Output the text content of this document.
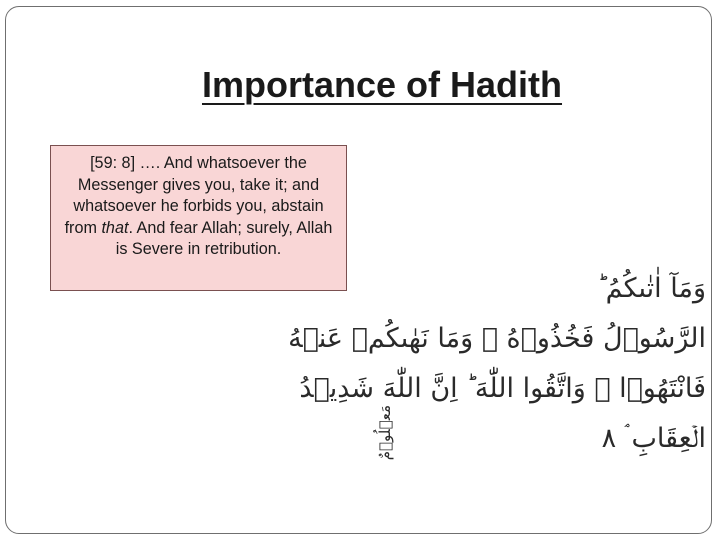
Importance of Hadith
[59: 8] …. And whatsoever the Messenger gives you, take it; and whatsoever he forbids you, abstain from that. And fear Allah; surely, Allah is Severe in retribution.
وَمَآ اٰتٰىكُمُ ؕ
الرَّسُوۡلُ فَخُذُوۡهُ ۚ وَمَا نَهٰٮكُمۡ عَنۡهُ
فَانْتَهُوۡا ۚ وَاتَّقُوا اللّٰهَ ؕ اِنَّ اللّٰهَ شَدِيۡدُ
الۡعِقَابِ ۘ ۸
مَعۡلُوۡمٌ
